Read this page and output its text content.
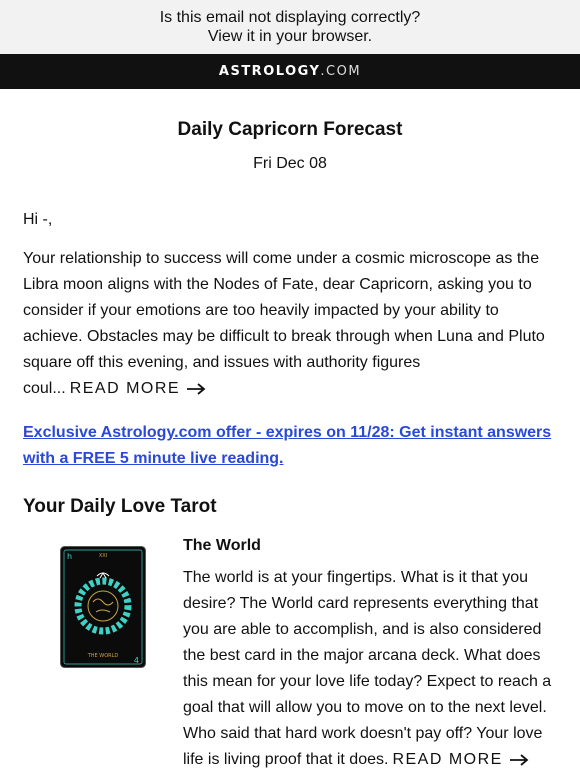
Is this email not displaying correctly?
View it in your browser.
ASTROLOGY.COM
Daily Capricorn Forecast
Fri Dec 08
Hi -,
Your relationship to success will come under a cosmic microscope as the Libra moon aligns with the Nodes of Fate, dear Capricorn, asking you to consider if your emotions are too heavily impacted by your ability to achieve. Obstacles may be difficult to break through when Luna and Pluto square off this evening, and issues with authority figures coul... READ MORE
Exclusive Astrology.com offer - expires on 11/28: Get instant answers with a FREE 5 minute live reading.
Your Daily Love Tarot
h
4
XXI
THE WORLD
The World
The world is at your fingertips. What is it that you desire? The World card represents everything that you are able to accomplish, and is also considered the best card in the major arcana deck. What does this mean for your love life today? Expect to reach a goal that will allow you to move on to the next level. Who said that hard work doesn't pay off? Your love life is living proof that it does. READ MORE
